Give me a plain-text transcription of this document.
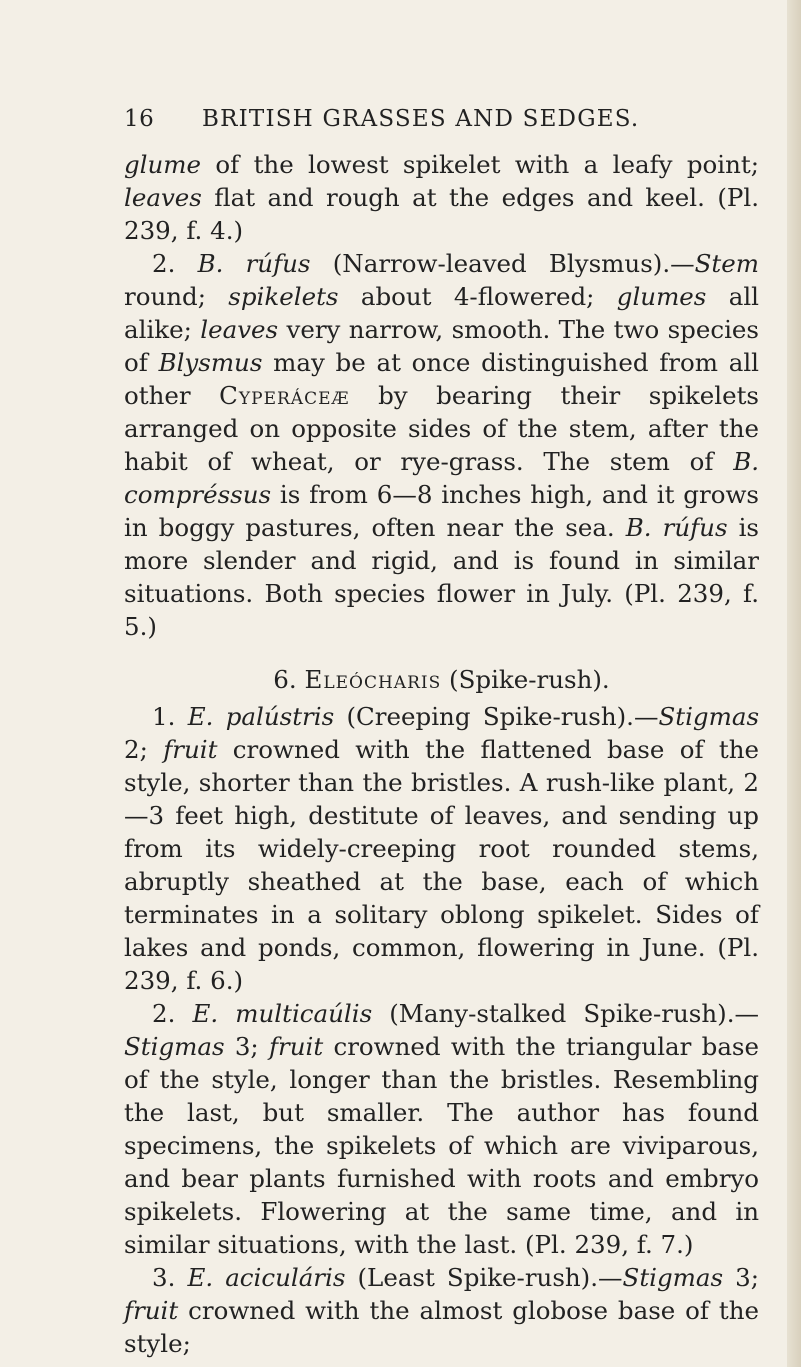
16 BRITISH GRASSES AND SEDGES.

glume of the lowest spikelet with a leafy point; leaves flat and rough at the edges and keel. (Pl. 239, f. 4.)

2. B. rúfus (Narrow-leaved Blysmus).—Stem round; spikelets about 4-flowered; glumes all alike; leaves very narrow, smooth. The two species of Blysmus may be at once distinguished from all other Cyperáceæ by bearing their spikelets arranged on opposite sides of the stem, after the habit of wheat, or rye-grass. The stem of B. compréssus is from 6—8 inches high, and it grows in boggy pastures, often near the sea. B. rúfus is more slender and rigid, and is found in similar situations. Both species flower in July. (Pl. 239, f. 5.)

6. Eleócharis (Spike-rush).

1. E. palústris (Creeping Spike-rush).—Stigmas 2; fruit crowned with the flattened base of the style, shorter than the bristles. A rush-like plant, 2—3 feet high, destitute of leaves, and sending up from its widely-creeping root rounded stems, abruptly sheathed at the base, each of which terminates in a solitary oblong spikelet. Sides of lakes and ponds, common, flowering in June. (Pl. 239, f. 6.)

2. E. multicaúlis (Many-stalked Spike-rush).—Stigmas 3; fruit crowned with the triangular base of the style, longer than the bristles. Resembling the last, but smaller. The author has found specimens, the spikelets of which are viviparous, and bear plants furnished with roots and embryo spikelets. Flowering at the same time, and in similar situations, with the last. (Pl. 239, f. 7.)

3. E. aciculáris (Least Spike-rush).—Stigmas 3; fruit crowned with the almost globose base of the style;
